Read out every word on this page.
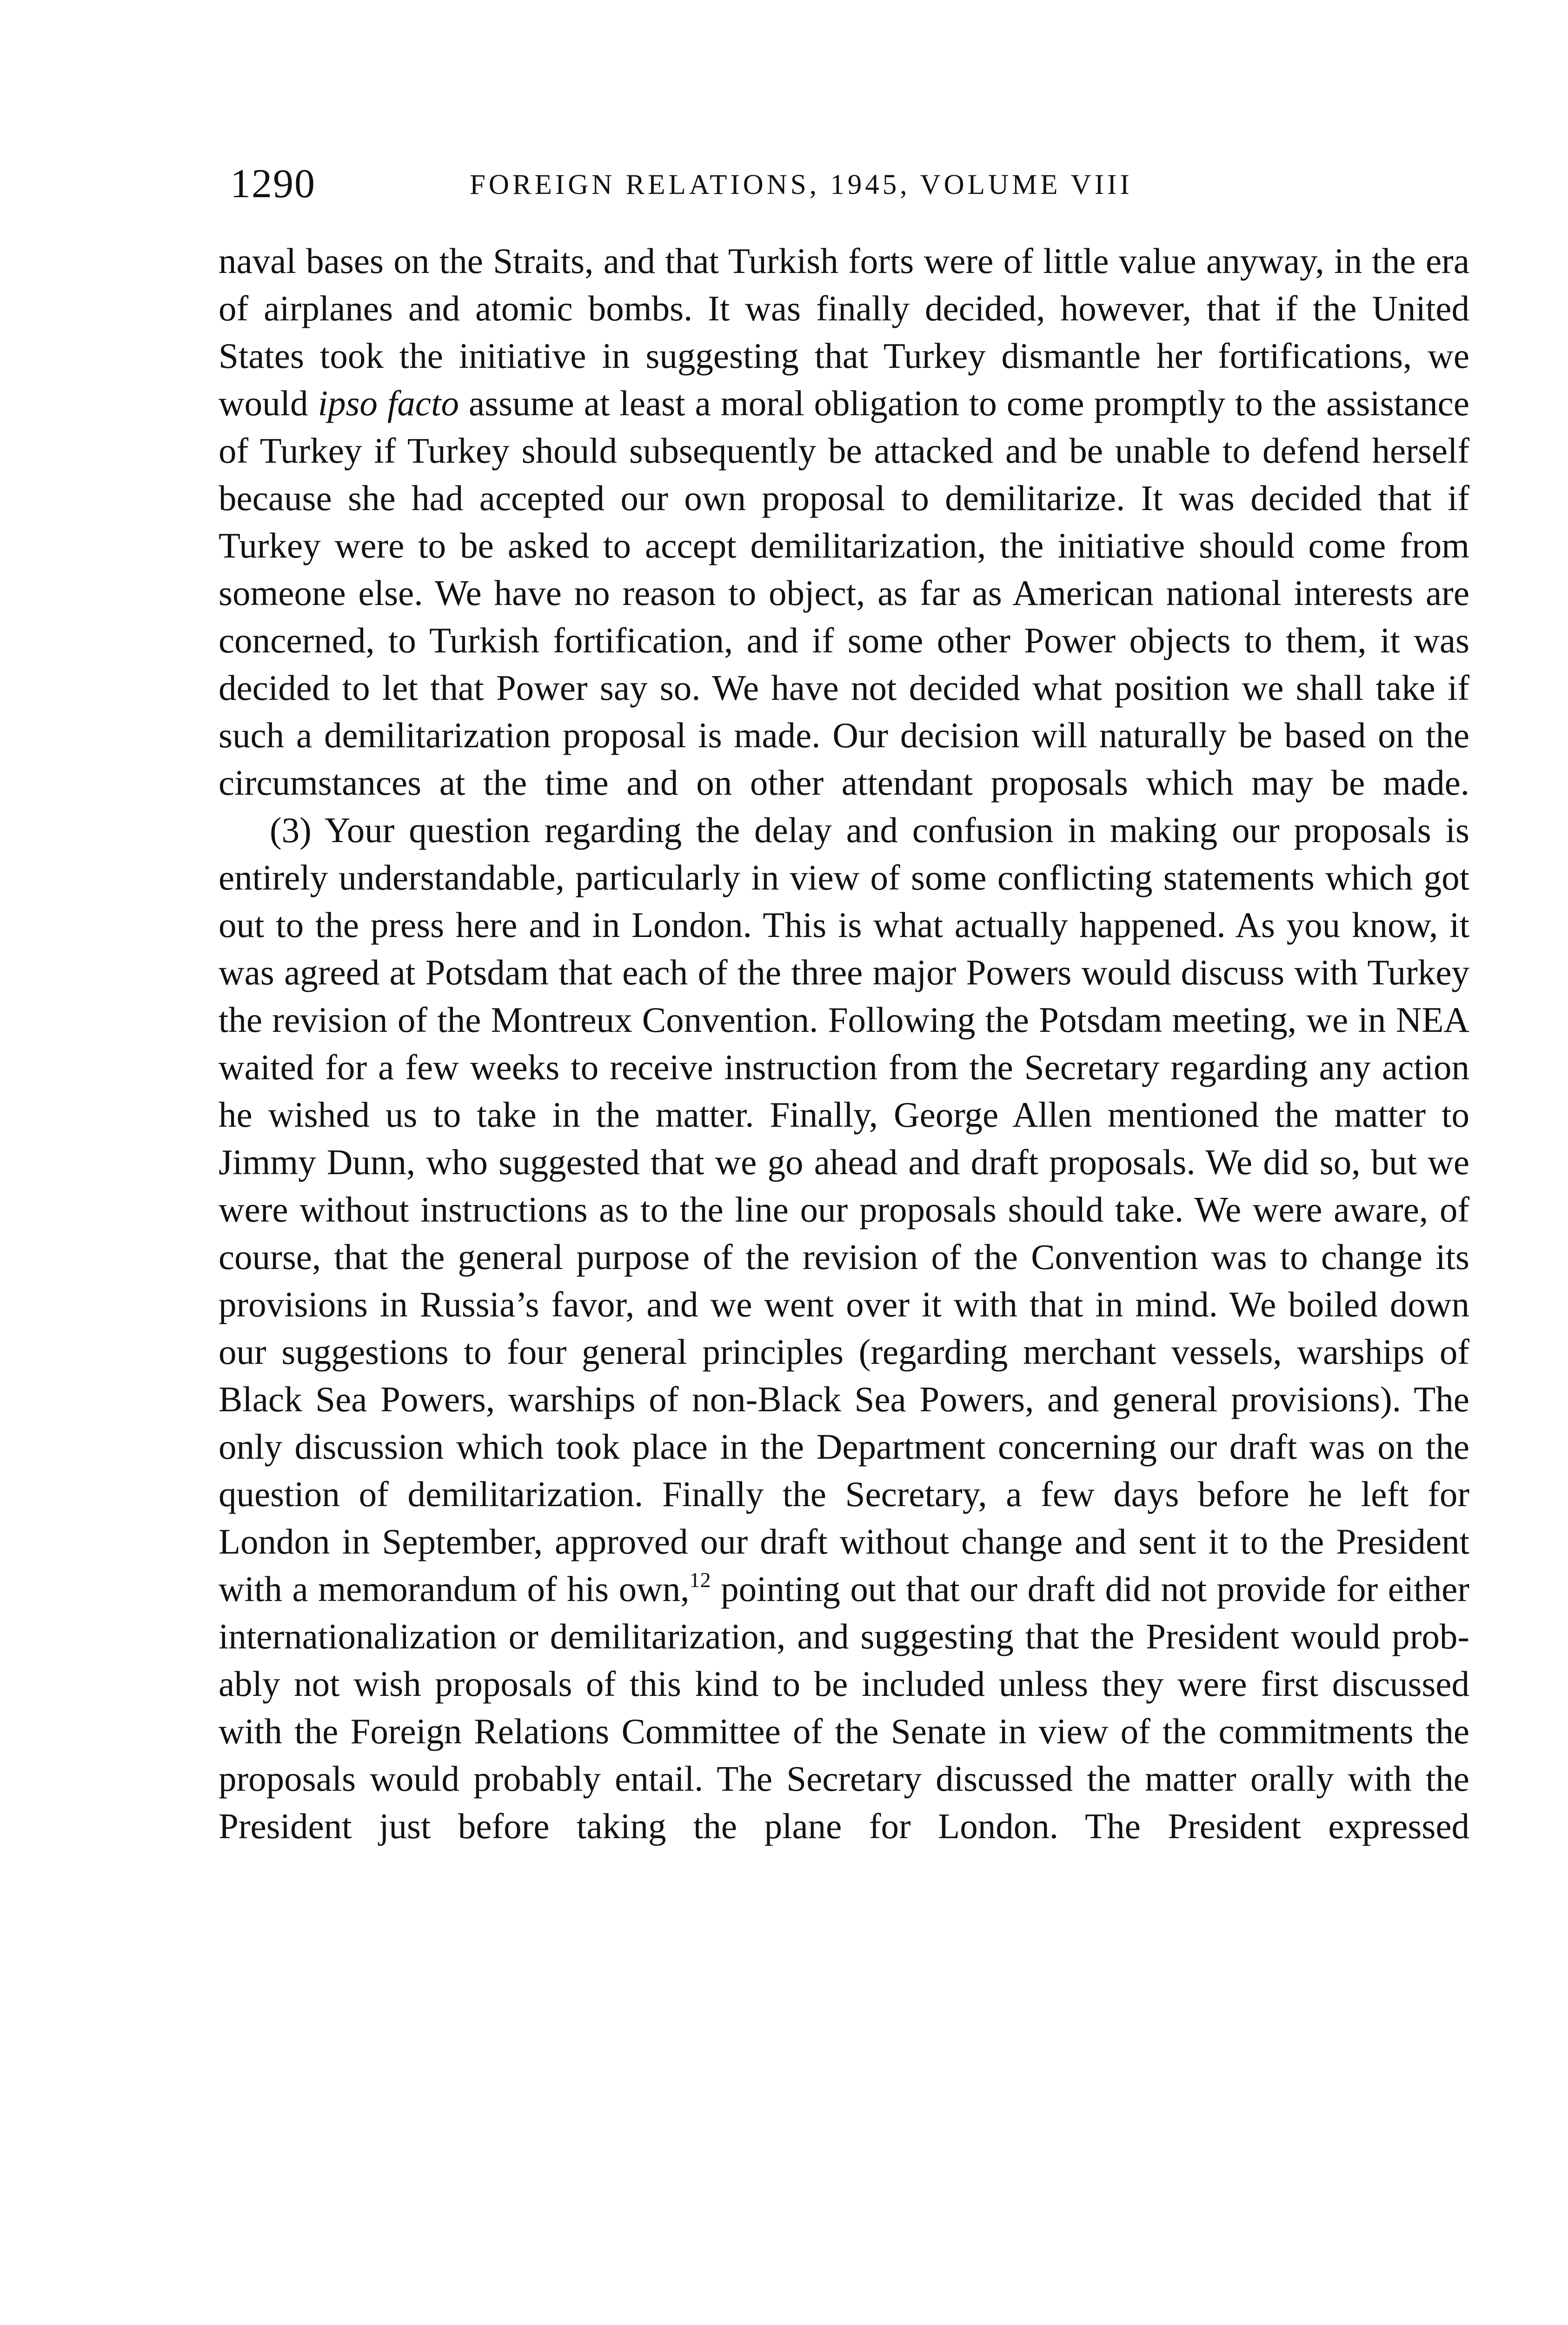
1290	FOREIGN RELATIONS, 1945, VOLUME VIII

naval bases on the Straits, and that Turkish forts were of little value anyway, in the era of airplanes and atomic bombs. It was finally decided, however, that if the United States took the initiative in suggesting that Turkey dismantle her fortifications, we would ipso facto assume at least a moral obligation to come promptly to the assistance of Turkey if Turkey should subsequently be attacked and be unable to defend herself because she had accepted our own proposal to demilitarize. It was decided that if Turkey were to be asked to accept demilitarization, the initiative should come from someone else. We have no reason to object, as far as American national interests are concerned, to Turkish fortification, and if some other Power objects to them, it was decided to let that Power say so. We have not decided what position we shall take if such a demilitarization proposal is made. Our decision will naturally be based on the circumstances at the time and on other attendant proposals which may be made.

(3) Your question regarding the delay and confusion in making our proposals is entirely understandable, particularly in view of some conflicting statements which got out to the press here and in London. This is what actually happened. As you know, it was agreed at Potsdam that each of the three major Powers would discuss with Turkey the revision of the Montreux Convention. Following the Potsdam meeting, we in NEA waited for a few weeks to receive instruction from the Secretary regarding any action he wished us to take in the matter. Finally, George Allen mentioned the matter to Jimmy Dunn, who suggested that we go ahead and draft proposals. We did so, but we were without instructions as to the line our proposals should take. We were aware, of course, that the general purpose of the revision of the Convention was to change its provisions in Russia’s favor, and we went over it with that in mind. We boiled down our suggestions to four general principles (regarding merchant vessels, warships of Black Sea Powers, warships of non-Black Sea Powers, and general provisions). The only discussion which took place in the Department concerning our draft was on the question of demilitarization. Finally the Secretary, a few days before he left for London in September, approved our draft without change and sent it to the President with a memorandum of his own,$^{12}$ pointing out that our draft did not provide for either internationalization or demilitarization, and suggesting that the President would probably not wish proposals of this kind to be included unless they were first discussed with the Foreign Relations Committee of the Senate in view of the commitments the proposals would probably entail. The Secretary discussed the matter orally with the President just before taking the plane for London. The President expressed
